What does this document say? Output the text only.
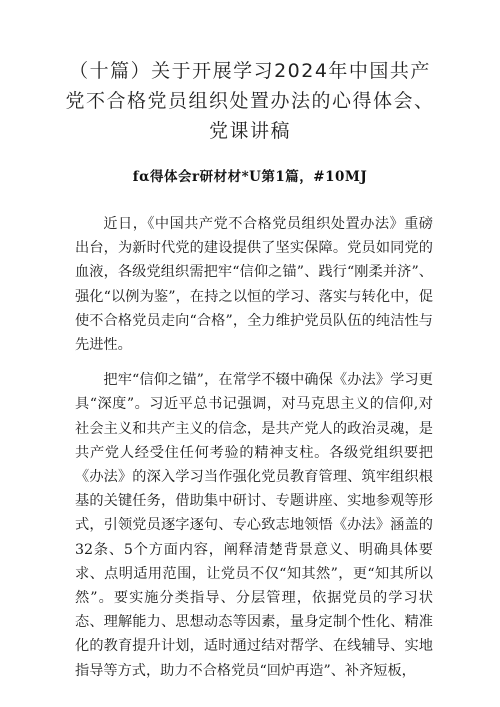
（十篇）关于开展学习2024年中国共产党不合格党员组织处置办法的心得体会、党课讲稿
fα得体会r研材材*U第1篇，#10MJ

近日，《中国共产党不合格党员组织处置办法》重磅出台，为新时代党的建设提供了坚实保障。党员如同党的血液，各级党组织需把牢“信仰之锚”、践行“刚柔并济”、强化“以例为鉴”，在持之以恒的学习、落实与转化中，促使不合格党员走向“合格”，全力维护党员队伍的纯洁性与先进性。

把牢“信仰之锚”，在常学不辍中确保《办法》学习更具“深度”。习近平总书记强调，对马克思主义的信仰,对社会主义和共产主义的信念，是共产党人的政治灵魂，是共产党人经受住任何考验的精神支柱。各级党组织要把《办法》的深入学习当作强化党员教育管理、筑牢组织根基的关键任务，借助集中研讨、专题讲座、实地参观等形式，引领党员逐字逐句、专心致志地领悟《办法》涵盖的32条、5个方面内容，阐释清楚背景意义、明确具体要求、点明适用范围，让党员不仅“知其然”，更“知其所以然”。要实施分类指导、分层管理，依据党员的学习状态、理解能力、思想动态等因素，量身定制个性化、精准化的教育提升计划，适时通过结对帮学、在线辅导、实地指导等方式，助力不合格党员“回炉再造”、补齐短板，
